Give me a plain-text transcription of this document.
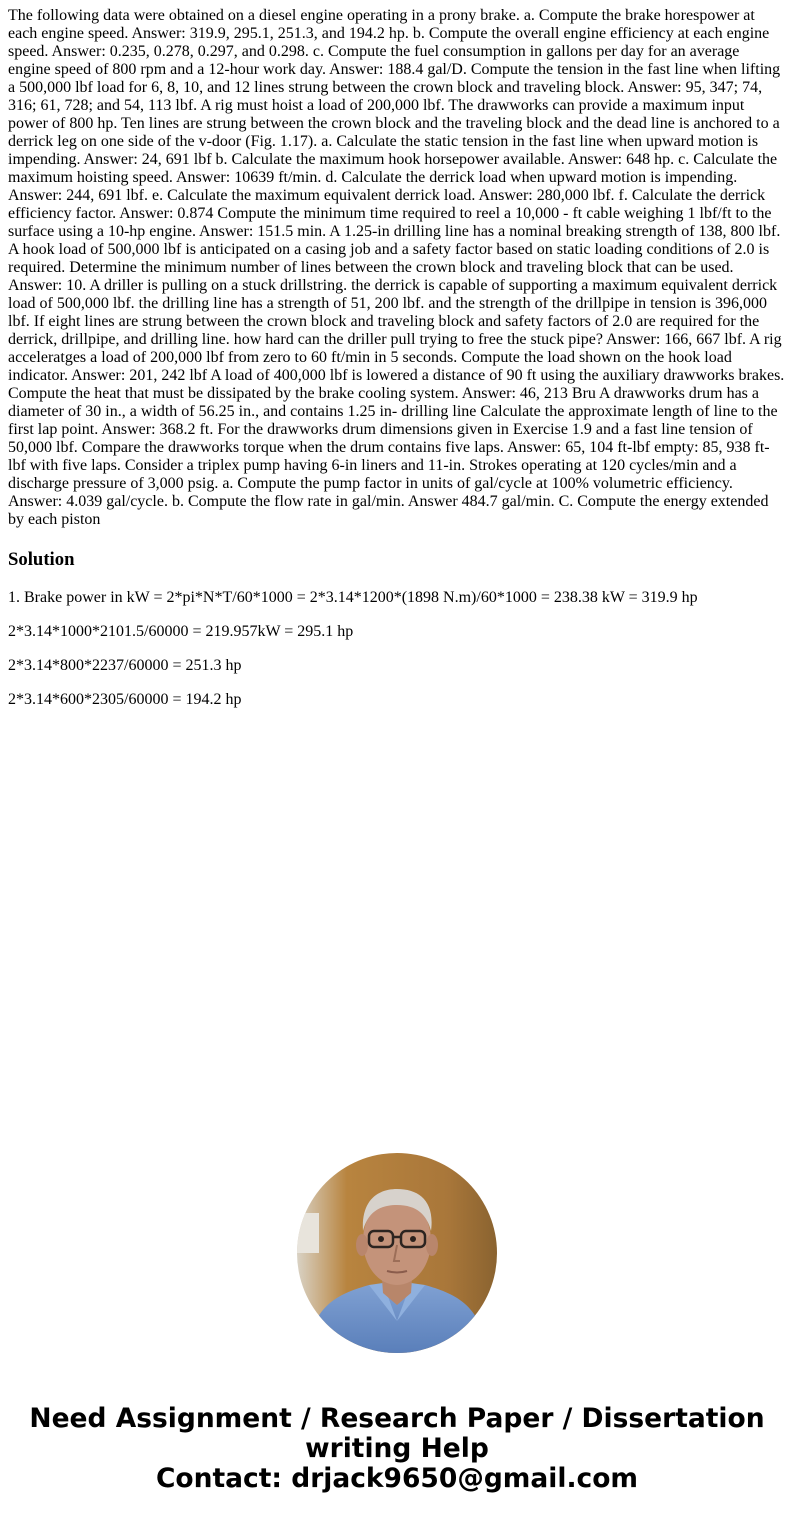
The following data were obtained on a diesel engine operating in a prony brake. a. Compute the brake horespower at each engine speed. Answer: 319.9, 295.1, 251.3, and 194.2 hp. b. Compute the overall engine efficiency at each engine speed. Answer: 0.235, 0.278, 0.297, and 0.298. c. Compute the fuel consumption in gallons per day for an average engine speed of 800 rpm and a 12-hour work day. Answer: 188.4 gal/D. Compute the tension in the fast line when lifting a 500,000 lbf load for 6, 8, 10, and 12 lines strung between the crown block and traveling block. Answer: 95, 347; 74, 316; 61, 728; and 54, 113 lbf. A rig must hoist a load of 200,000 lbf. The drawworks can provide a maximum input power of 800 hp. Ten lines are strung between the crown block and the traveling block and the dead line is anchored to a derrick leg on one side of the v-door (Fig. 1.17). a. Calculate the static tension in the fast line when upward motion is impending. Answer: 24, 691 lbf b. Calculate the maximum hook horsepower available. Answer: 648 hp. c. Calculate the maximum hoisting speed. Answer: 10639 ft/min. d. Calculate the derrick load when upward motion is impending. Answer: 244, 691 lbf. e. Calculate the maximum equivalent derrick load. Answer: 280,000 lbf. f. Calculate the derrick efficiency factor. Answer: 0.874 Compute the minimum time required to reel a 10,000 - ft cable weighing 1 lbf/ft to the surface using a 10-hp engine. Answer: 151.5 min. A 1.25-in drilling line has a nominal breaking strength of 138, 800 lbf. A hook load of 500,000 lbf is anticipated on a casing job and a safety factor based on static loading conditions of 2.0 is required. Determine the minimum number of lines between the crown block and traveling block that can be used. Answer: 10. A driller is pulling on a stuck drillstring. the derrick is capable of supporting a maximum equivalent derrick load of 500,000 lbf. the drilling line has a strength of 51, 200 lbf. and the strength of the drillpipe in tension is 396,000 lbf. If eight lines are strung between the crown block and traveling block and safety factors of 2.0 are required for the derrick, drillpipe, and drilling line. how hard can the driller pull trying to free the stuck pipe? Answer: 166, 667 lbf. A rig acceleratges a load of 200,000 lbf from zero to 60 ft/min in 5 seconds. Compute the load shown on the hook load indicator. Answer: 201, 242 lbf A load of 400,000 lbf is lowered a distance of 90 ft using the auxiliary drawworks brakes. Compute the heat that must be dissipated by the brake cooling system. Answer: 46, 213 Bru A drawworks drum has a diameter of 30 in., a width of 56.25 in., and contains 1.25 in- drilling line Calculate the approximate length of line to the first lap point. Answer: 368.2 ft. For the drawworks drum dimensions given in Exercise 1.9 and a fast line tension of 50,000 lbf. Compare the drawworks torque when the drum contains five laps. Answer: 65, 104 ft-lbf empty: 85, 938 ft-lbf with five laps. Consider a triplex pump having 6-in liners and 11-in. Strokes operating at 120 cycles/min and a discharge pressure of 3,000 psig. a. Compute the pump factor in units of gal/cycle at 100% volumetric efficiency. Answer: 4.039 gal/cycle. b. Compute the flow rate in gal/min. Answer 484.7 gal/min. C. Compute the energy extended by each piston

Solution

1. Brake power in kW = 2*pi*N*T/60*1000 = 2*3.14*1200*(1898 N.m)/60*1000 = 238.38 kW = 319.9 hp

2*3.14*1000*2101.5/60000 = 219.957kW = 295.1 hp

2*3.14*800*2237/60000 = 251.3 hp

2*3.14*600*2305/60000 = 194.2 hp

Need Assignment / Research Paper / Dissertation
writing Help
Contact: drjack9650@gmail.com
